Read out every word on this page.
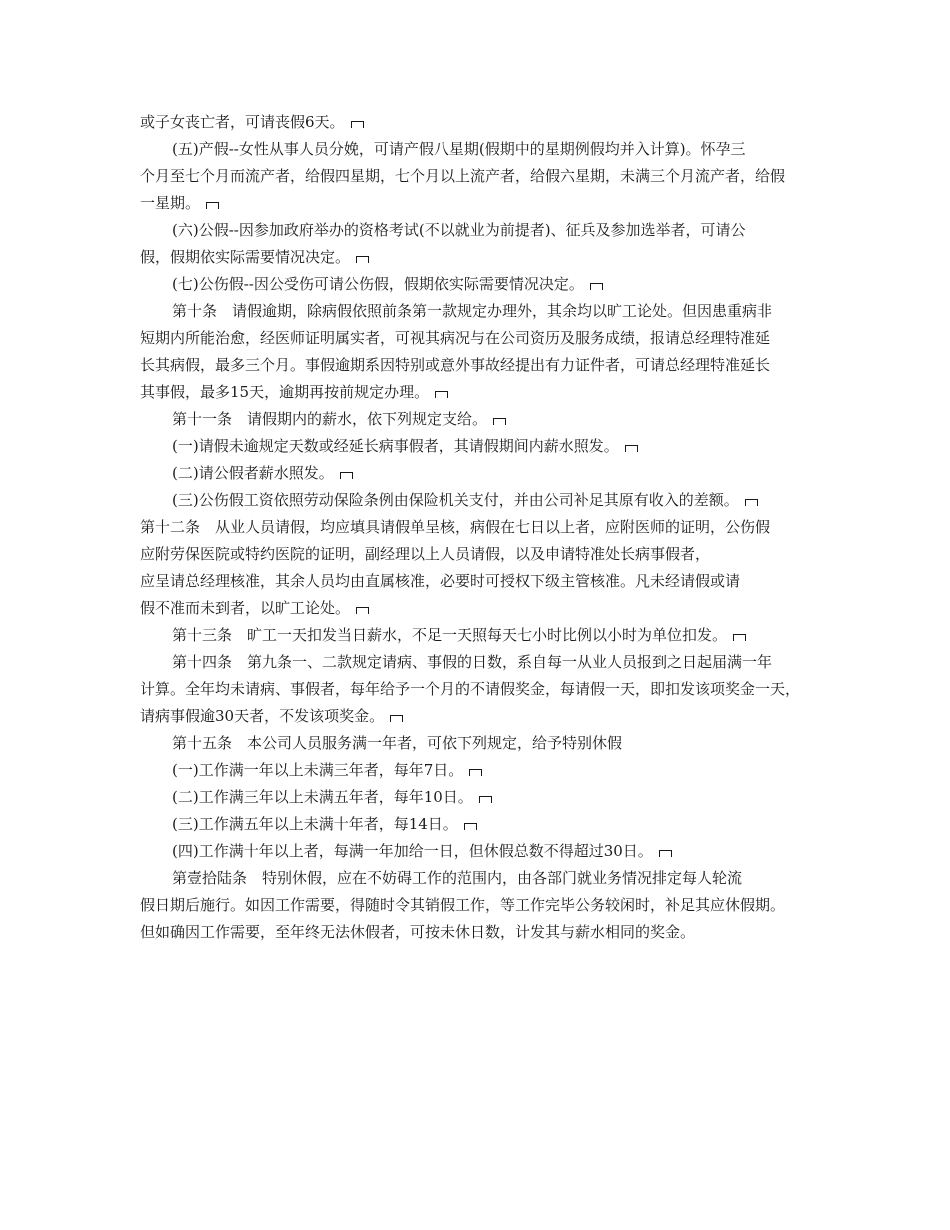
或子女丧亡者，可请丧假6天。
(五)产假--女性从事人员分娩，可请产假八星期(假期中的星期例假均并入计算)。怀孕三
个月至七个月而流产者，给假四星期，七个月以上流产者，给假六星期，未满三个月流产者，给假
一星期。
(六)公假--因参加政府举办的资格考试(不以就业为前提者)、征兵及参加选举者，可请公
假，假期依实际需要情况决定。
(七)公伤假--因公受伤可请公伤假，假期依实际需要情况决定。
第十条　请假逾期，除病假依照前条第一款规定办理外，其余均以旷工论处。但因患重病非
短期内所能治愈，经医师证明属实者，可视其病况与在公司资历及服务成绩，报请总经理特准延
长其病假，最多三个月。事假逾期系因特别或意外事故经提出有力证件者，可请总经理特准延长
其事假，最多15天，逾期再按前规定办理。
第十一条　请假期内的薪水，依下列规定支给。
(一)请假未逾规定天数或经延长病事假者，其请假期间内薪水照发。
(二)请公假者薪水照发。
(三)公伤假工资依照劳动保险条例由保险机关支付，并由公司补足其原有收入的差额。
第十二条　从业人员请假，均应填具请假单呈核，病假在七日以上者，应附医师的证明，公伤假
应附劳保医院或特约医院的证明，副经理以上人员请假，以及申请特准处长病事假者，
应呈请总经理核准，其余人员均由直属核准，必要时可授权下级主管核准。凡未经请假或请
假不准而未到者，以旷工论处。
第十三条　旷工一天扣发当日薪水，不足一天照每天七小时比例以小时为单位扣发。
第十四条　第九条一、二款规定请病、事假的日数，系自每一从业人员报到之日起届满一年
计算。全年均未请病、事假者，每年给予一个月的不请假奖金，每请假一天，即扣发该项奖金一天，
请病事假逾30天者，不发该项奖金。
第十五条　本公司人员服务满一年者，可依下列规定，给予特别休假
(一)工作满一年以上未满三年者，每年7日。
(二)工作满三年以上未满五年者，每年10日。
(三)工作满五年以上未满十年者，每14日。
(四)工作满十年以上者，每满一年加给一日，但休假总数不得超过30日。
第壹拾陆条　特别休假，应在不妨碍工作的范围内，由各部门就业务情况排定每人轮流
假日期后施行。如因工作需要，得随时令其销假工作，等工作完毕公务较闲时，补足其应休假期。
但如确因工作需要，至年终无法休假者，可按未休日数，计发其与薪水相同的奖金。
